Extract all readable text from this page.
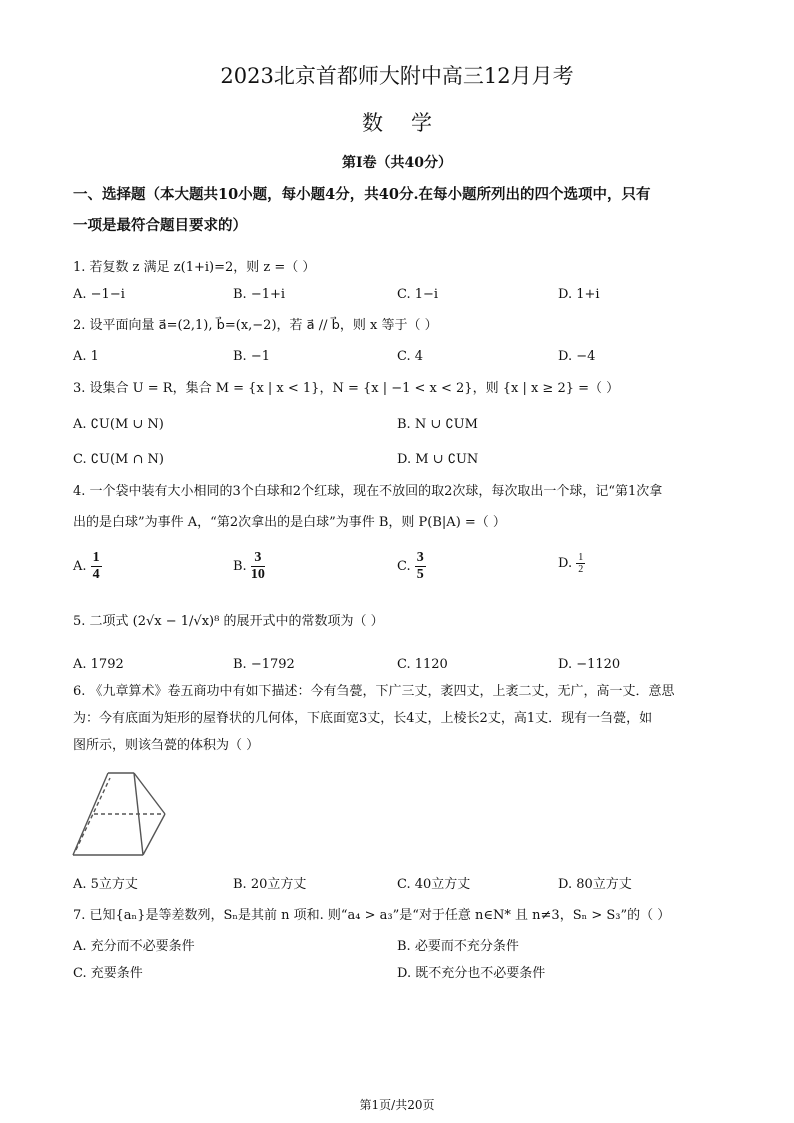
2023北京首都师大附中高三12月月考
数学
第I卷（共40分）
一、选择题（本大题共10小题，每小题4分，共40分.在每小题所列出的四个选项中，只有
一项是最符合题目要求的）
1. 若复数 z 满足 z(1+i)=2，则 z =（ ）
A. −1−i	B. −1+i	C. 1−i	D. 1+i
2. 设平面向量 a⃗=(2,1), b⃗=(x,−2)，若 a⃗ // b⃗，则 x 等于（ ）
A. 1	B. −1	C. 4	D. −4
3. 设集合 U = R，集合 M = {x | x < 1}，N = {x | −1 < x < 2}，则 {x | x ≥ 2} =（ ）
A. ∁U(M ∪ N)	B. N ∪ ∁UM
C. ∁U(M ∩ N)	D. M ∪ ∁UN
4. 一个袋中装有大小相同的3个白球和2个红球，现在不放回的取2次球，每次取出一个球，记“第1次拿
出的是白球”为事件 A，“第2次拿出的是白球”为事件 B，则 P(B|A) =（ ）
A. $\frac{1}{4}$	B. $\frac{3}{10}$	C. $\frac{3}{5}$	D. $\frac{1}{2}$
5. 二项式 (2√x − 1/√x)⁸ 的展开式中的常数项为（ ）
A. 1792	B. −1792	C. 1120	D. −1120
6. 《九章算术》卷五商功中有如下描述：今有刍甍，下广三丈，袤四丈，上袤二丈，无广，高一丈．意思
为：今有底面为矩形的屋脊状的几何体，下底面宽3丈，长4丈，上棱长2丈，高1丈．现有一刍甍，如
图所示，则该刍甍的体积为（ ）
A. 5立方丈	B. 20立方丈	C. 40立方丈	D. 80立方丈
7. 已知{aₙ}是等差数列，Sₙ是其前 n 项和. 则“a₄ > a₃”是“对于任意 n∈N* 且 n≠3，Sₙ > S₃”的（ ）
A. 充分而不必要条件	B. 必要而不充分条件
C. 充要条件	D. 既不充分也不必要条件
第1页/共20页
